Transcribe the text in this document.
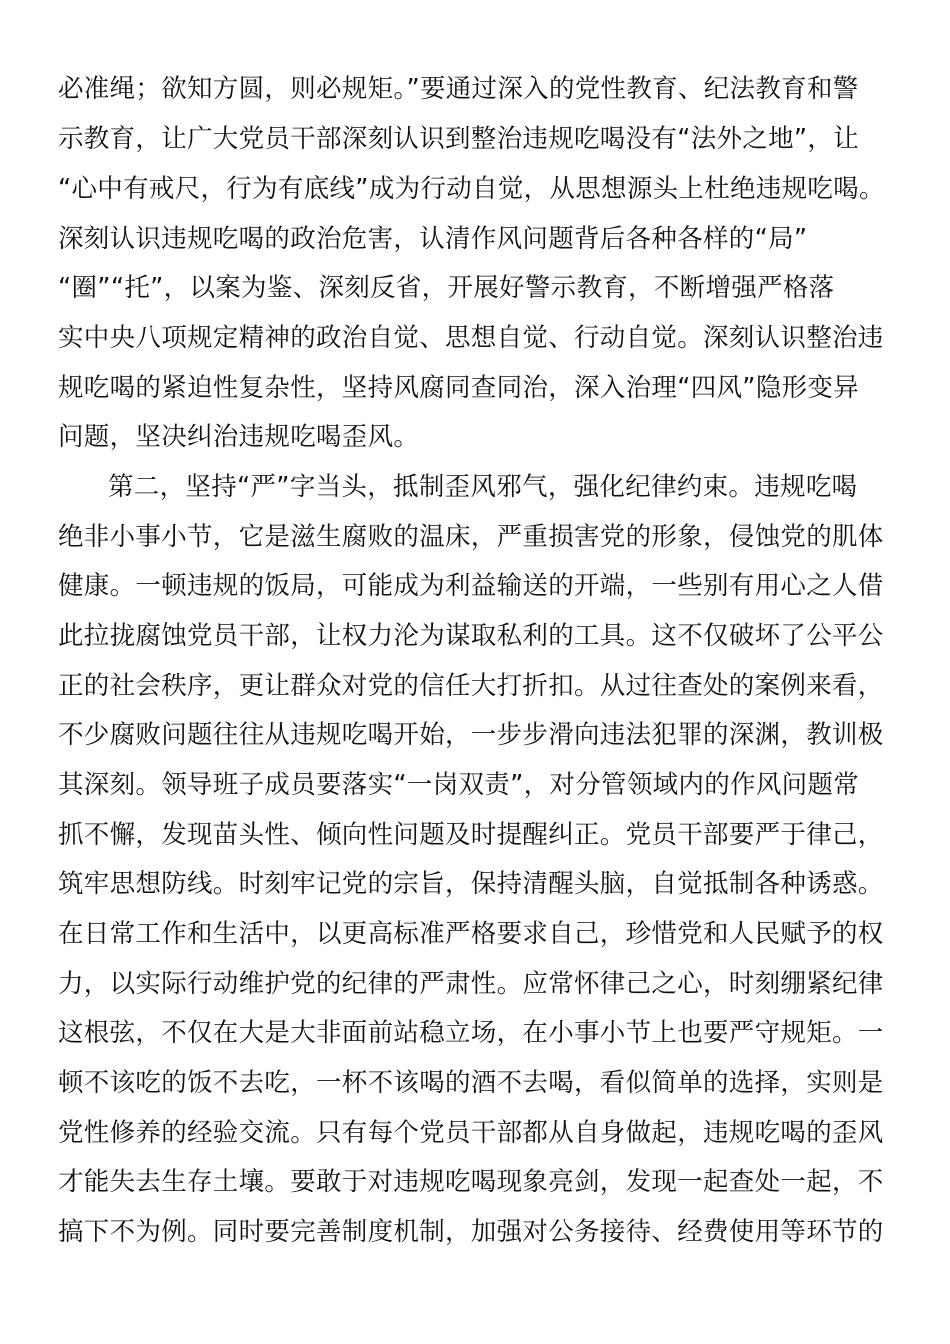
必准绳；欲知方圆，则必规矩。”要通过深入的党性教育、纪法教育和警
示教育，让广大党员干部深刻认识到整治违规吃喝没有“法外之地”，让
“心中有戒尺，行为有底线”成为行动自觉，从思想源头上杜绝违规吃喝。
深刻认识违规吃喝的政治危害，认清作风问题背后各种各样的“局”
“圈”“托”，以案为鉴、深刻反省，开展好警示教育，不断增强严格落
实中央八项规定精神的政治自觉、思想自觉、行动自觉。深刻认识整治违
规吃喝的紧迫性复杂性，坚持风腐同查同治，深入治理“四风”隐形变异
问题，坚决纠治违规吃喝歪风。
第二，坚持“严”字当头，抵制歪风邪气，强化纪律约束。违规吃喝
绝非小事小节，它是滋生腐败的温床，严重损害党的形象，侵蚀党的肌体
健康。一顿违规的饭局，可能成为利益输送的开端，一些别有用心之人借
此拉拢腐蚀党员干部，让权力沦为谋取私利的工具。这不仅破坏了公平公
正的社会秩序，更让群众对党的信任大打折扣。从过往查处的案例来看，
不少腐败问题往往从违规吃喝开始，一步步滑向违法犯罪的深渊，教训极
其深刻。领导班子成员要落实“一岗双责”，对分管领域内的作风问题常
抓不懈，发现苗头性、倾向性问题及时提醒纠正。党员干部要严于律己，
筑牢思想防线。时刻牢记党的宗旨，保持清醒头脑，自觉抵制各种诱惑。
在日常工作和生活中，以更高标准严格要求自己，珍惜党和人民赋予的权
力，以实际行动维护党的纪律的严肃性。应常怀律己之心，时刻绷紧纪律
这根弦，不仅在大是大非面前站稳立场，在小事小节上也要严守规矩。一
顿不该吃的饭不去吃，一杯不该喝的酒不去喝，看似简单的选择，实则是
党性修养的经验交流。只有每个党员干部都从自身做起，违规吃喝的歪风
才能失去生存土壤。要敢于对违规吃喝现象亮剑，发现一起查处一起，不
搞下不为例。同时要完善制度机制，加强对公务接待、经费使用等环节的
